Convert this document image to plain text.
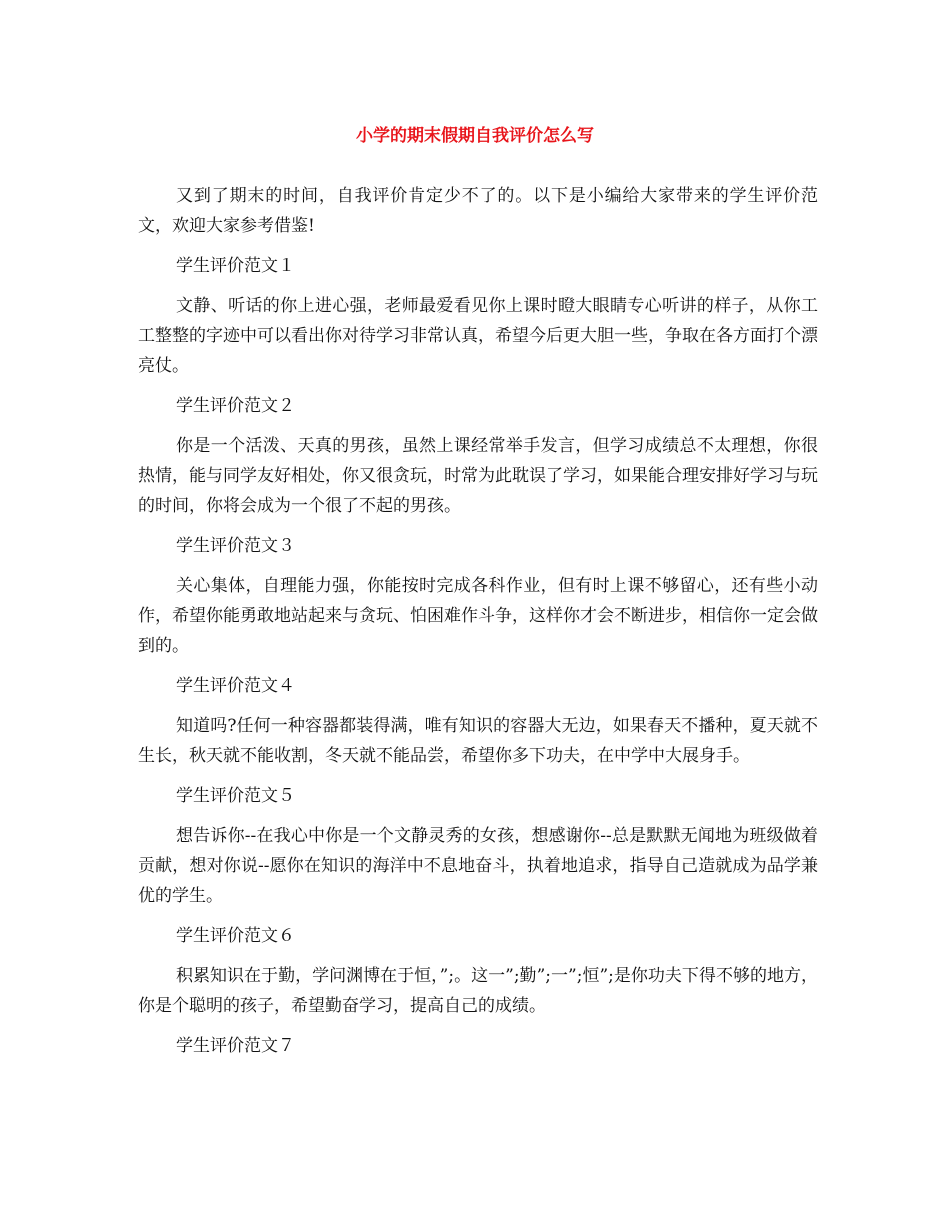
小学的期末假期自我评价怎么写

又到了期末的时间，自我评价肯定少不了的。以下是小编给大家带来的学生评价范文，欢迎大家参考借鉴!

学生评价范文１

文静、听话的你上进心强，老师最爱看见你上课时瞪大眼睛专心听讲的样子，从你工工整整的字迹中可以看出你对待学习非常认真，希望今后更大胆一些，争取在各方面打个漂亮仗。

学生评价范文２

你是一个活泼、天真的男孩，虽然上课经常举手发言，但学习成绩总不太理想，你很热情，能与同学友好相处，你又很贪玩，时常为此耽误了学习，如果能合理安排好学习与玩的时间，你将会成为一个很了不起的男孩。

学生评价范文３

关心集体，自理能力强，你能按时完成各科作业，但有时上课不够留心，还有些小动作，希望你能勇敢地站起来与贪玩、怕困难作斗争，这样你才会不断进步，相信你一定会做到的。

学生评价范文４

知道吗?任何一种容器都装得满，唯有知识的容器大无边，如果春天不播种，夏天就不生长，秋天就不能收割，冬天就不能品尝，希望你多下功夫，在中学中大展身手。

学生评价范文５

想告诉你--在我心中你是一个文静灵秀的女孩，想感谢你--总是默默无闻地为班级做着贡献，想对你说--愿你在知识的海洋中不息地奋斗，执着地追求，指导自己造就成为品学兼优的学生。

学生评价范文６

积累知识在于勤，学问渊博在于恒，”;。这一”;勤”;一”;恒”;是你功夫下得不够的地方，你是个聪明的孩子，希望勤奋学习，提高自己的成绩。

学生评价范文７
